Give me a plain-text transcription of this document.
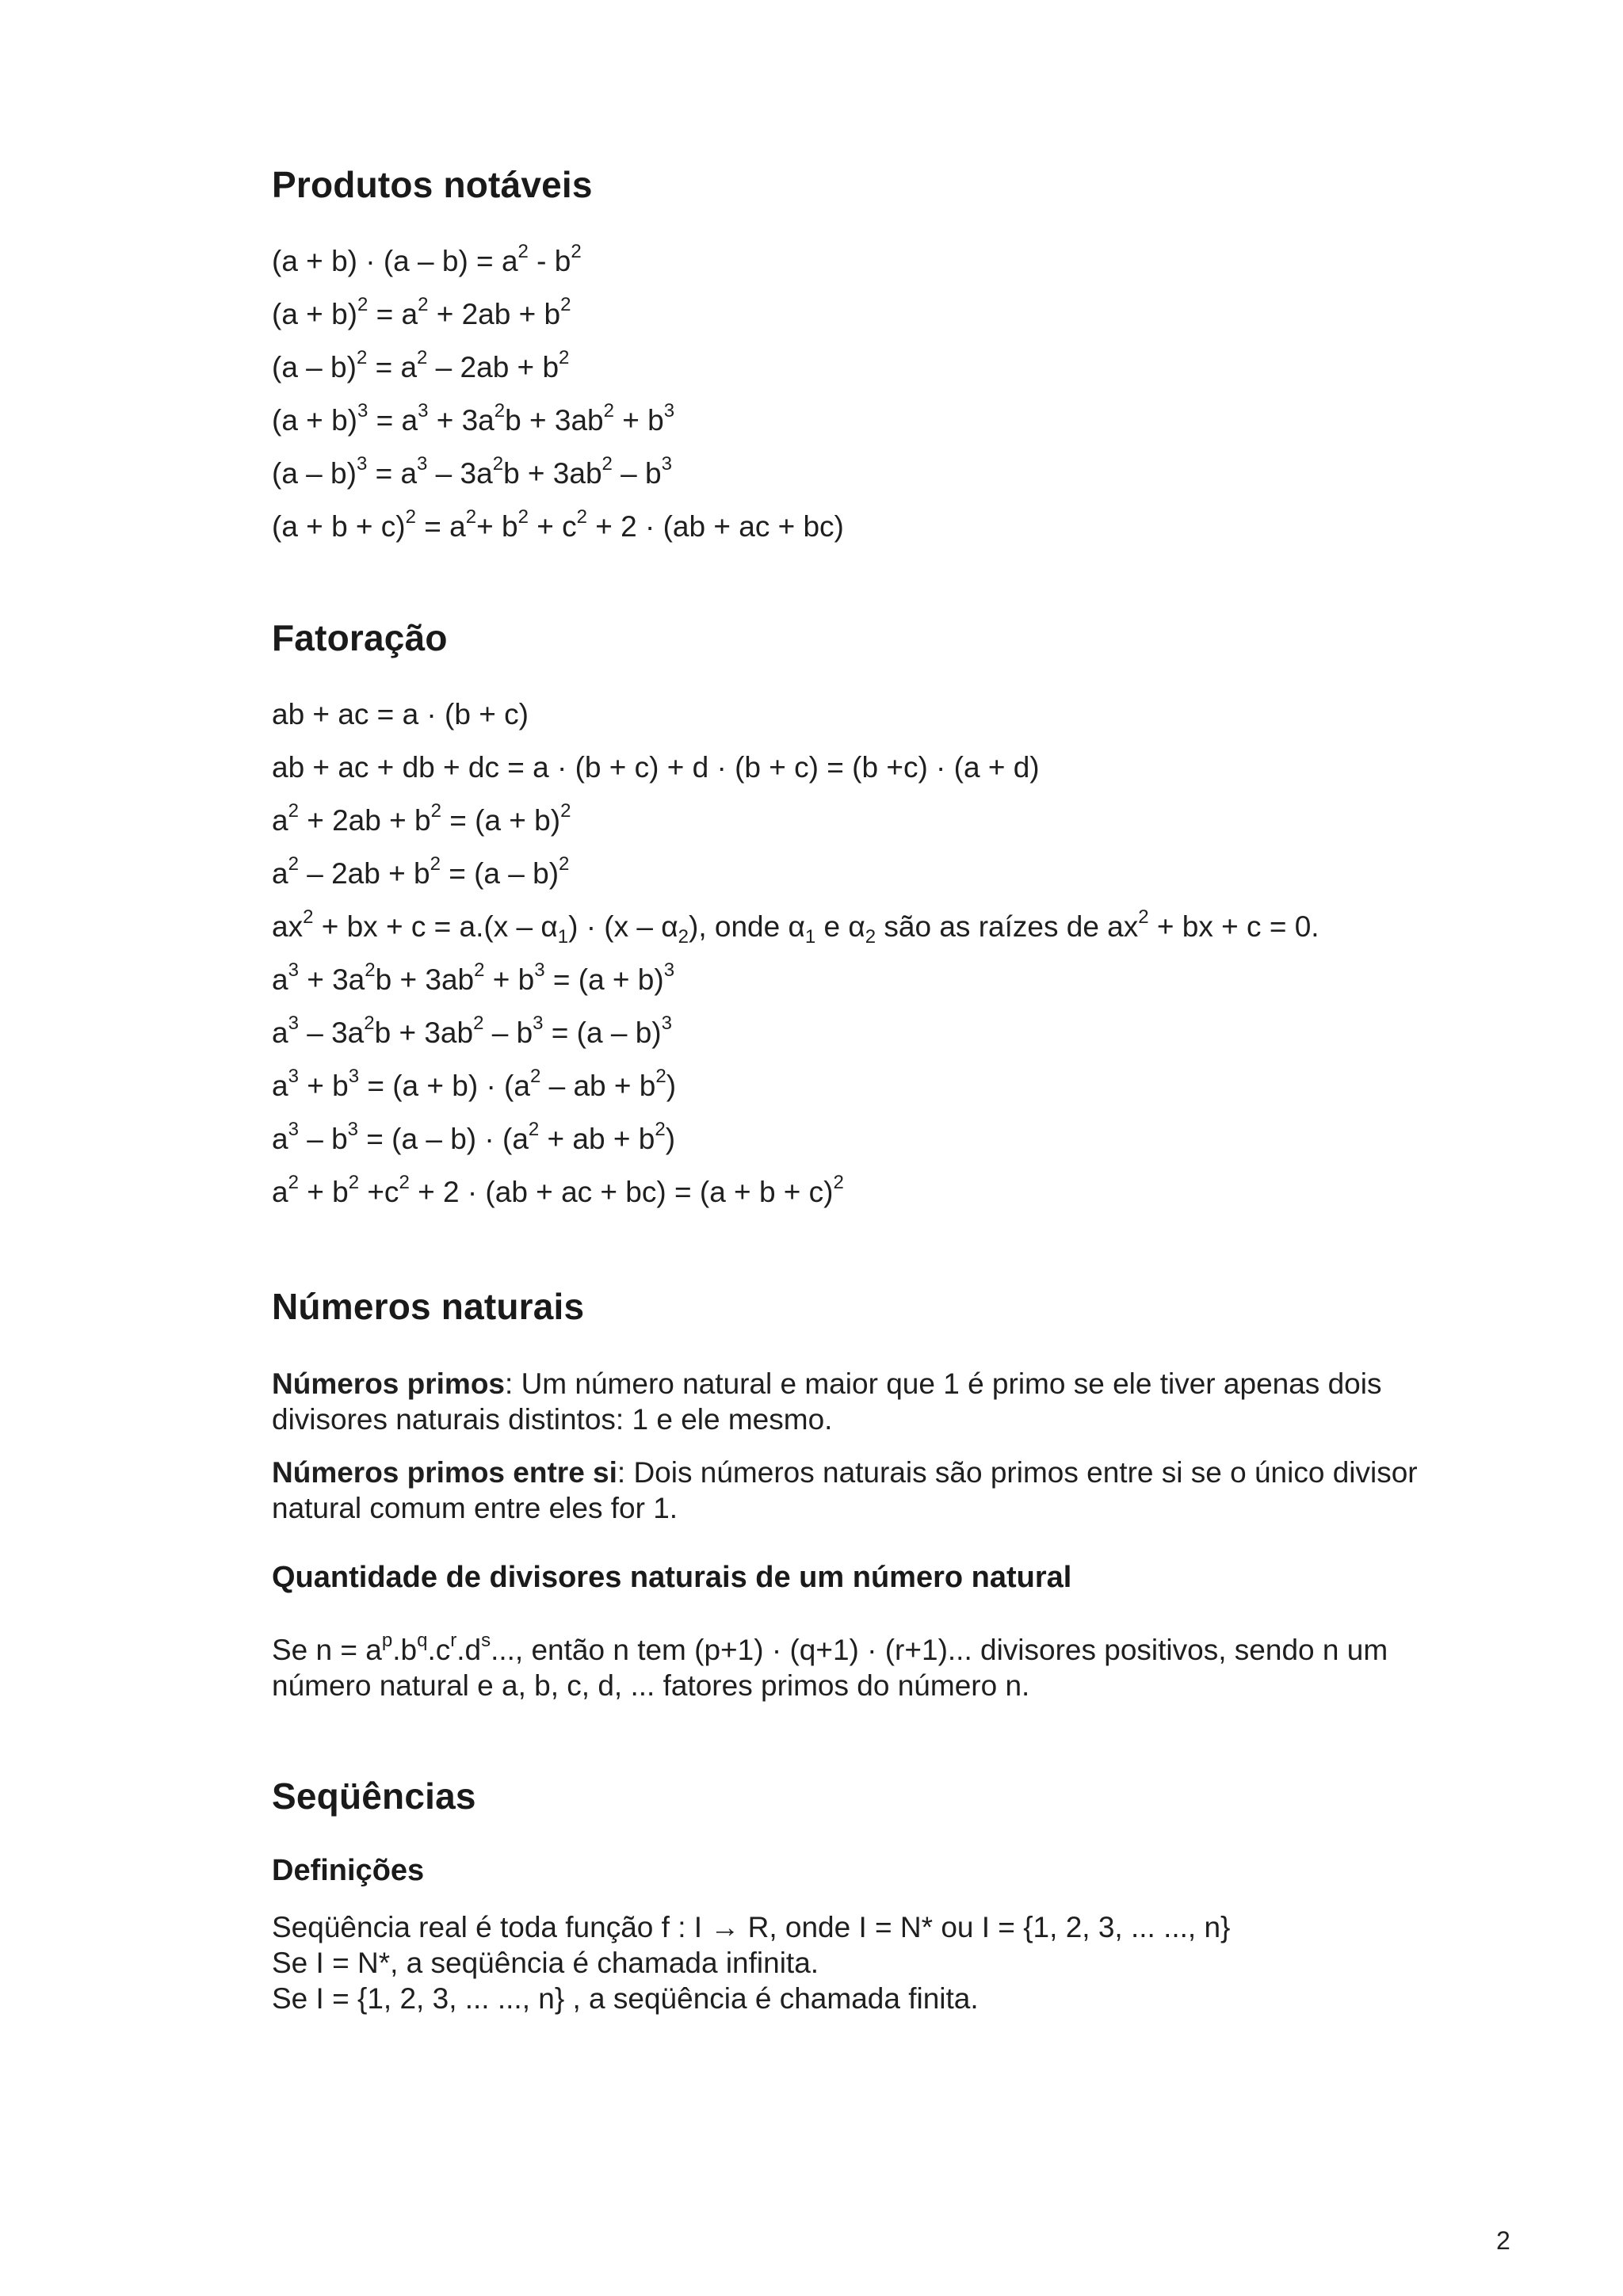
Produtos notáveis
$(a + b) \cdot (a - b) = a^2 - b^2$
$(a + b)^2 = a^2 + 2ab + b^2$
$(a - b)^2 = a^2 - 2ab + b^2$
$(a + b)^3 = a^3 + 3a^2b + 3ab^2 + b^3$
$(a - b)^3 = a^3 - 3a^2b + 3ab^2 - b^3$
$(a + b + c)^2 = a^2+ b^2 + c^2 + 2 \cdot (ab$ + ac + bc)
Fatoração
ab + ac = a · (b + c)
ab + ac + db + dc = a · (b + c) + d · (b + c) = (b +c) · (a + d)
$a^2 + 2ab + b^2 = (a + b)^2$
$a^2 - 2ab + b^2 = (a - b)^2$
$ax^2$ + bx + $c = a.(x - \alpha_1) \cdot (x - \alpha_2)$, onde $\alpha_1$ e $\alpha_2$ são as raízes de $ax^2$ + bx + c = 0.
$a^3 + 3a^2b + 3ab^2 + b^3 = (a + b)^3$
$a^3 - 3a^2b + 3ab^2 - b^3 = (a - b)^3$
$a^3 + b^3 = (a + b) \cdot (a^2$ – ab + $b^2$)
$a^3 - b^3 = (a - b) \cdot (a^2$ + ab + $b^2$)
$a^2 + b^2 +c^2 + 2 \cdot (ab$ + ac + $bc) = (a + b + c)^2$
Números naturais
Números primos: Um número natural e maior que 1 é primo se ele tiver apenas dois divisores naturais distintos: 1 e ele mesmo.
Números primos entre si: Dois números naturais são primos entre si se o único divisor natural comum entre eles for 1.
Quantidade de divisores naturais de um número natural
Se $n = a^p.b^q.c^r.d^s$..., então n tem (p+1) · (q+1) · (r+1)... divisores positivos, sendo n um número natural e a, b, c, d, ... fatores primos do número n.
Seqüências
Definições
Seqüência real é toda função f : I → R, onde I = N* ou I = {1, 2, 3, ... ..., n}
Se I = N*, a seqüência é chamada infinita.
Se I = {1, 2, 3, ... ..., n} , a seqüência é chamada finita.
2
